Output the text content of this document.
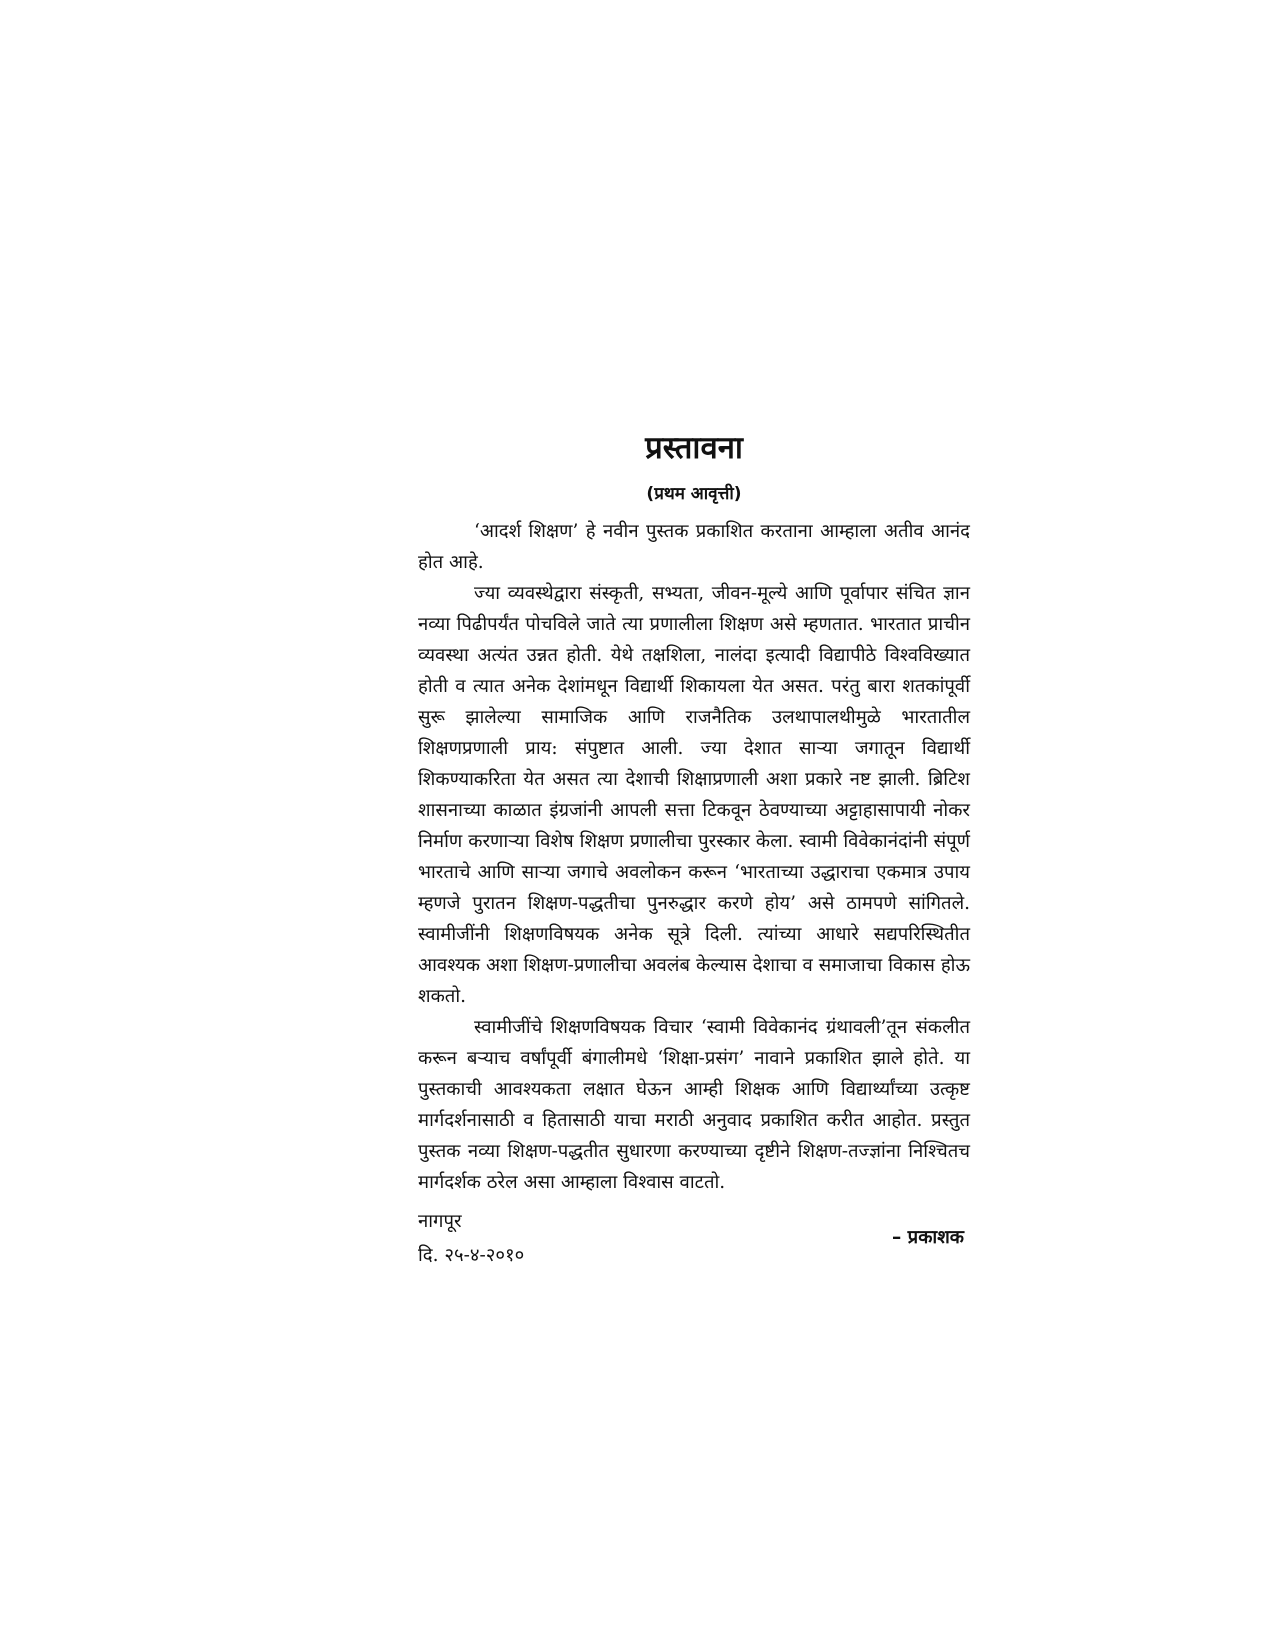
प्रस्तावना
(प्रथम आवृत्ती)

‘आदर्श शिक्षण’ हे नवीन पुस्तक प्रकाशित करताना आम्हाला अतीव आनंद होत आहे.

ज्या व्यवस्थेद्वारा संस्कृती, सभ्यता, जीवन-मूल्ये आणि पूर्वापार संचित ज्ञान नव्या पिढीपर्यंत पोचविले जाते त्या प्रणालीला शिक्षण असे म्हणतात. भारतात प्राचीन व्यवस्था अत्यंत उन्नत होती. येथे तक्षशिला, नालंदा इत्यादी विद्यापीठे विश्वविख्यात होती व त्यात अनेक देशांमधून विद्यार्थी शिकायला येत असत. परंतु बारा शतकांपूर्वी सुरू झालेल्या सामाजिक आणि राजनैतिक उलथापालथीमुळे भारतातील शिक्षणप्रणाली प्राय: संपुष्टात आली. ज्या देशात साऱ्या जगातून विद्यार्थी शिकण्याकरिता येत असत त्या देशाची शिक्षाप्रणाली अशा प्रकारे नष्ट झाली. ब्रिटिश शासनाच्या काळात इंग्रजांनी आपली सत्ता टिकवून ठेवण्याच्या अट्टाहासापायी नोकर निर्माण करणाऱ्या विशेष शिक्षण प्रणालीचा पुरस्कार केला. स्वामी विवेकानंदांनी संपूर्ण भारताचे आणि साऱ्या जगाचे अवलोकन करून ‘भारताच्या उद्धाराचा एकमात्र उपाय म्हणजे पुरातन शिक्षण-पद्धतीचा पुनरुद्धार करणे होय’ असे ठामपणे सांगितले. स्वामीजींनी शिक्षणविषयक अनेक सूत्रे दिली. त्यांच्या आधारे सद्यपरिस्थितीत आवश्यक अशा शिक्षण-प्रणालीचा अवलंब केल्यास देशाचा व समाजाचा विकास होऊ शकतो.

स्वामीजींचे शिक्षणविषयक विचार ‘स्वामी विवेकानंद ग्रंथावली’तून संकलीत करून बऱ्याच वर्षांपूर्वी बंगालीमधे ‘शिक्षा-प्रसंग’ नावाने प्रकाशित झाले होते. या पुस्तकाची आवश्यकता लक्षात घेऊन आम्ही शिक्षक आणि विद्यार्थ्यांच्या उत्कृष्ट मार्गदर्शनासाठी व हितासाठी याचा मराठी अनुवाद प्रकाशित करीत आहोत. प्रस्तुत पुस्तक नव्या शिक्षण-पद्धतीत सुधारणा करण्याच्या दृष्टीने शिक्षण-तज्ज्ञांना निश्चितच मार्गदर्शक ठरेल असा आम्हाला विश्वास वाटतो.

नागपूर
दि. २५-४-२०१०
– प्रकाशक
